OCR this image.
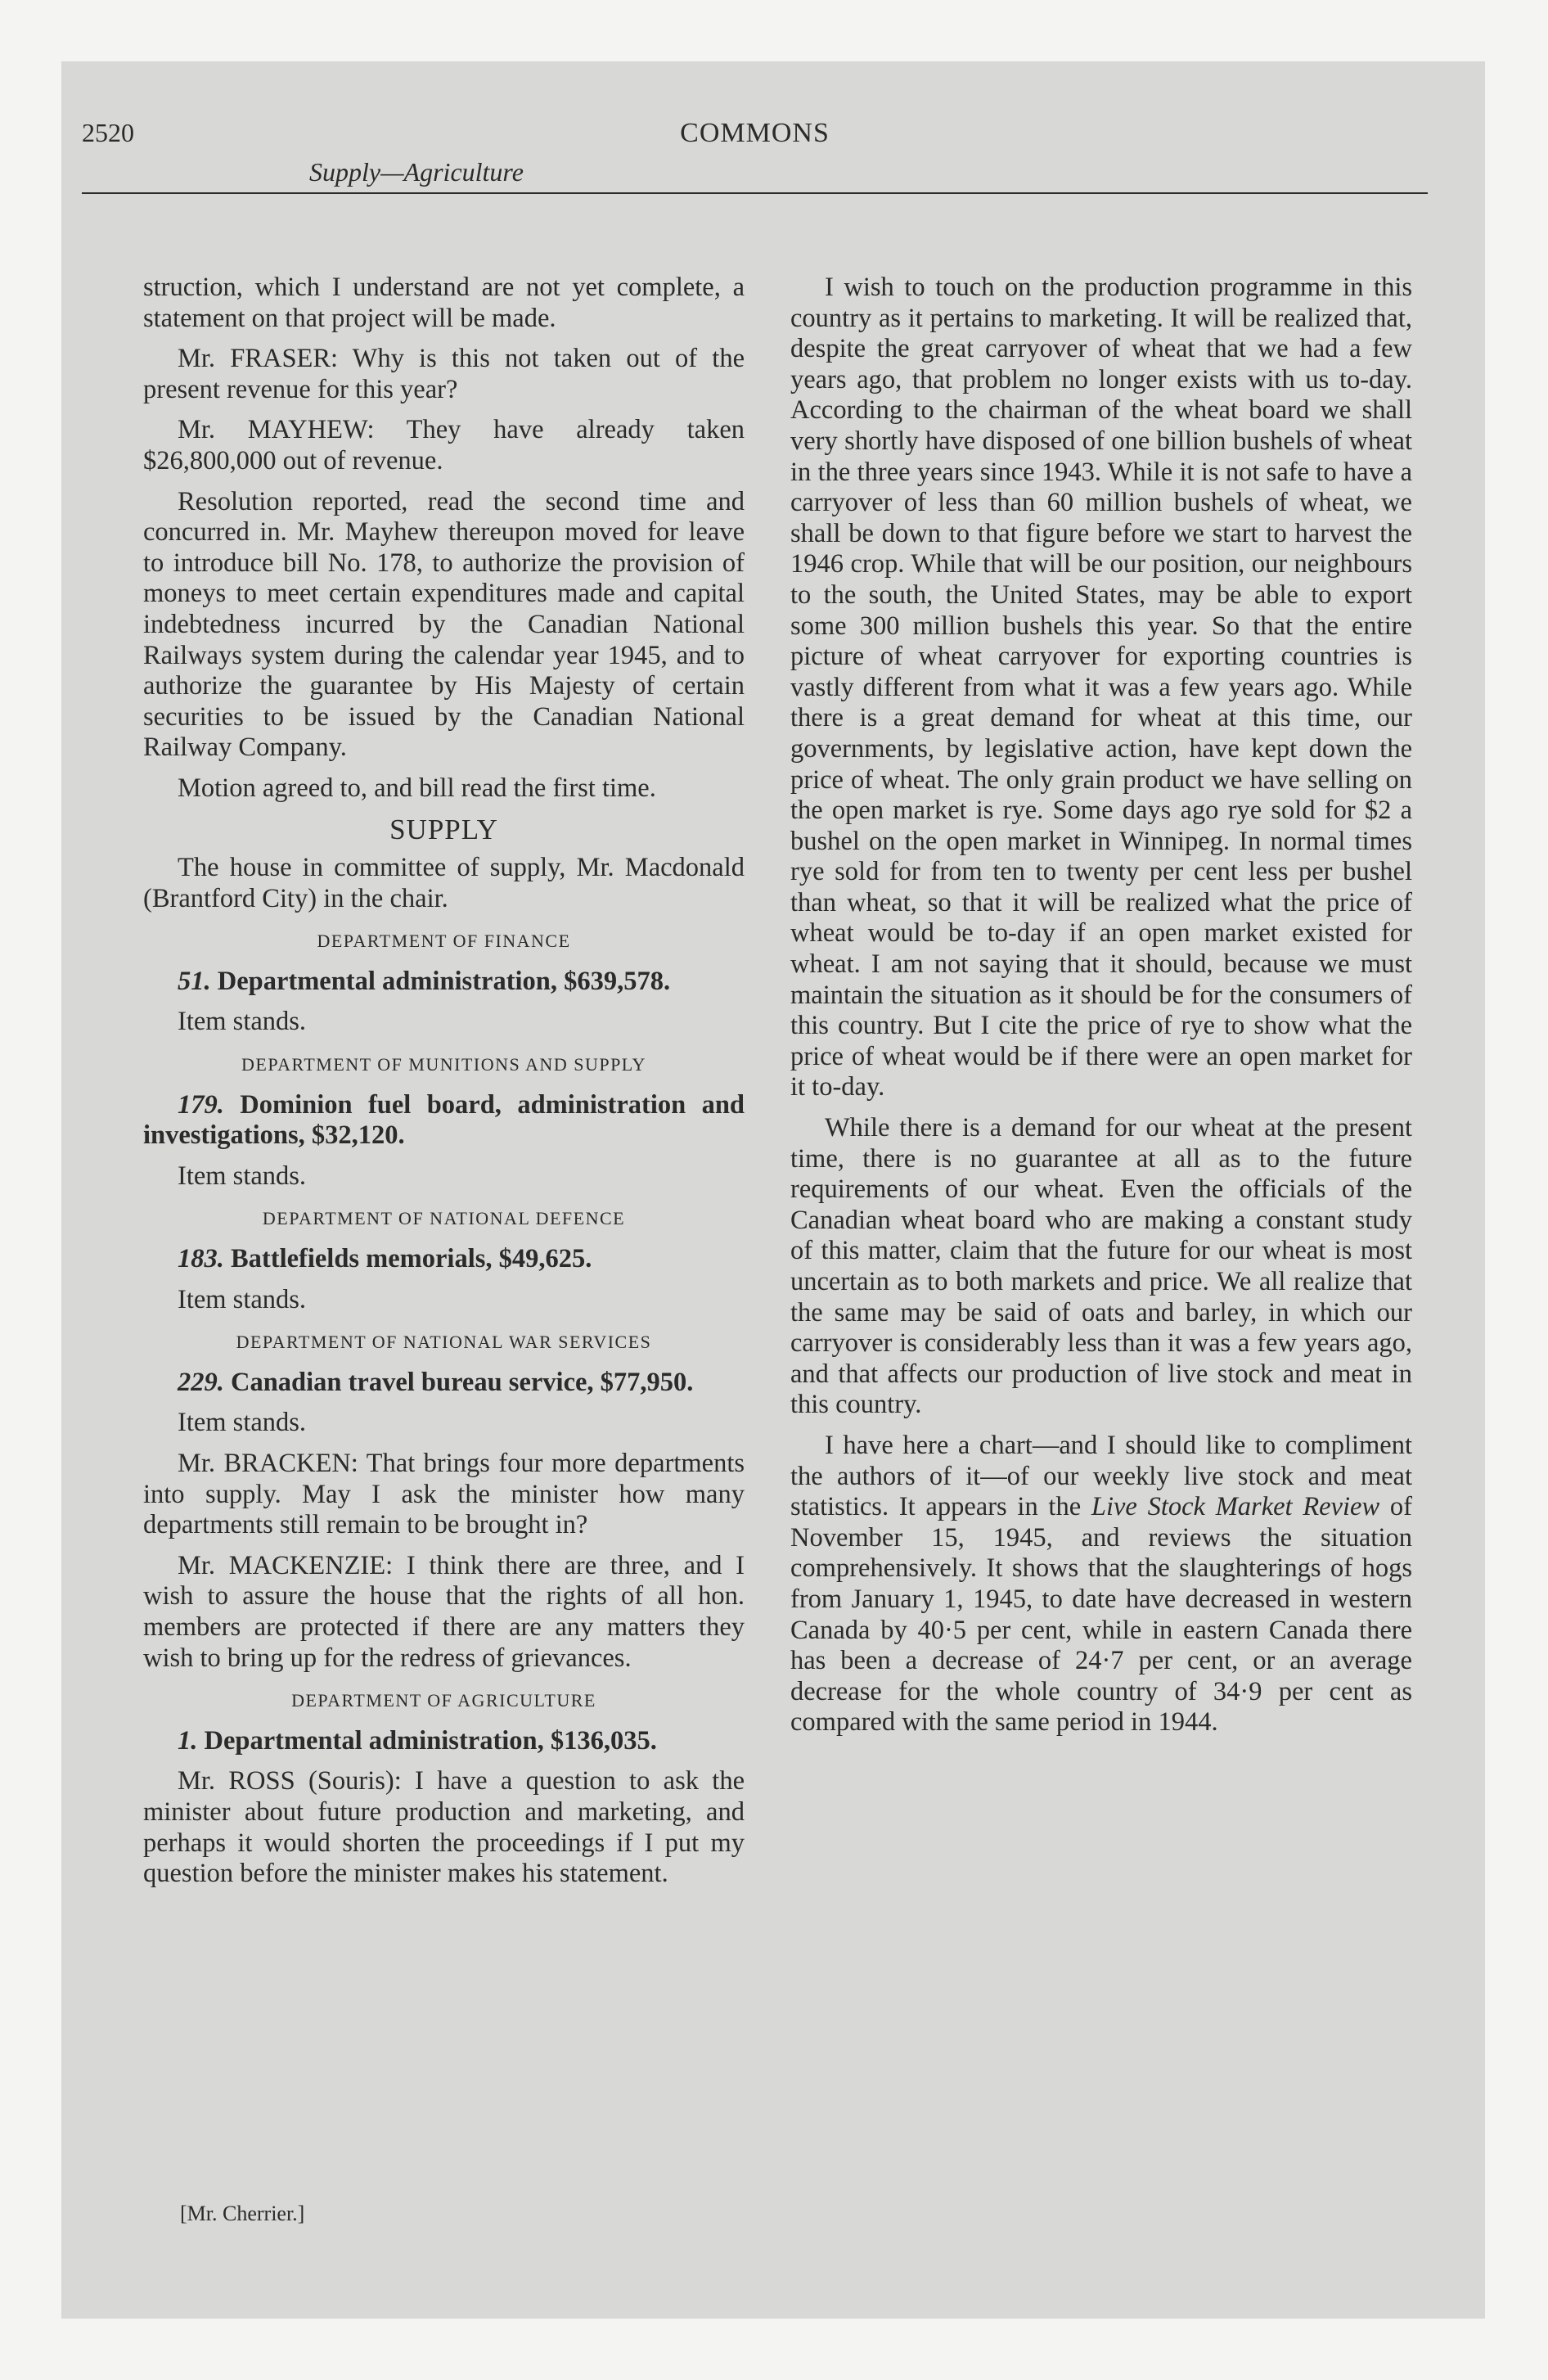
2520	COMMONS
Supply—Agriculture

struction, which I understand are not yet complete, a statement on that project will be made.

Mr. FRASER: Why is this not taken out of the present revenue for this year?

Mr. MAYHEW: They have already taken $26,800,000 out of revenue.

Resolution reported, read the second time and concurred in. Mr. Mayhew thereupon moved for leave to introduce bill No. 178, to authorize the provision of moneys to meet certain expenditures made and capital indebtedness incurred by the Canadian National Railways system during the calendar year 1945, and to authorize the guarantee by His Majesty of certain securities to be issued by the Canadian National Railway Company.

Motion agreed to, and bill read the first time.

SUPPLY

The house in committee of supply, Mr. Macdonald (Brantford City) in the chair.

DEPARTMENT OF FINANCE

51. Departmental administration, $639,578.

Item stands.

DEPARTMENT OF MUNITIONS AND SUPPLY

179. Dominion fuel board, administration and investigations, $32,120.

Item stands.

DEPARTMENT OF NATIONAL DEFENCE

183. Battlefields memorials, $49,625.

Item stands.

DEPARTMENT OF NATIONAL WAR SERVICES

229. Canadian travel bureau service, $77,950.

Item stands.

Mr. BRACKEN: That brings four more departments into supply. May I ask the minister how many departments still remain to be brought in?

Mr. MACKENZIE: I think there are three, and I wish to assure the house that the rights of all hon. members are protected if there are any matters they wish to bring up for the redress of grievances.

DEPARTMENT OF AGRICULTURE

1. Departmental administration, $136,035.

Mr. ROSS (Souris): I have a question to ask the minister about future production and marketing, and perhaps it would shorten the proceedings if I put my question before the minister makes his statement.

I wish to touch on the production programme in this country as it pertains to marketing. It will be realized that, despite the great carryover of wheat that we had a few years ago, that problem no longer exists with us to-day. According to the chairman of the wheat board we shall very shortly have disposed of one billion bushels of wheat in the three years since 1943. While it is not safe to have a carryover of less than 60 million bushels of wheat, we shall be down to that figure before we start to harvest the 1946 crop. While that will be our position, our neighbours to the south, the United States, may be able to export some 300 million bushels this year. So that the entire picture of wheat carryover for exporting countries is vastly different from what it was a few years ago. While there is a great demand for wheat at this time, our governments, by legislative action, have kept down the price of wheat. The only grain product we have selling on the open market is rye. Some days ago rye sold for $2 a bushel on the open market in Winnipeg. In normal times rye sold for from ten to twenty per cent less per bushel than wheat, so that it will be realized what the price of wheat would be to-day if an open market existed for wheat. I am not saying that it should, because we must maintain the situation as it should be for the consumers of this country. But I cite the price of rye to show what the price of wheat would be if there were an open market for it to-day.

While there is a demand for our wheat at the present time, there is no guarantee at all as to the future requirements of our wheat. Even the officials of the Canadian wheat board who are making a constant study of this matter, claim that the future for our wheat is most uncertain as to both markets and price. We all realize that the same may be said of oats and barley, in which our carryover is considerably less than it was a few years ago, and that affects our production of live stock and meat in this country.

I have here a chart—and I should like to compliment the authors of it—of our weekly live stock and meat statistics. It appears in the Live Stock Market Review of November 15, 1945, and reviews the situation comprehensively. It shows that the slaughterings of hogs from January 1, 1945, to date have decreased in western Canada by 40·5 per cent, while in eastern Canada there has been a decrease of 24·7 per cent, or an average decrease for the whole country of 34·9 per cent as compared with the same period in 1944.

[Mr. Cherrier.]
